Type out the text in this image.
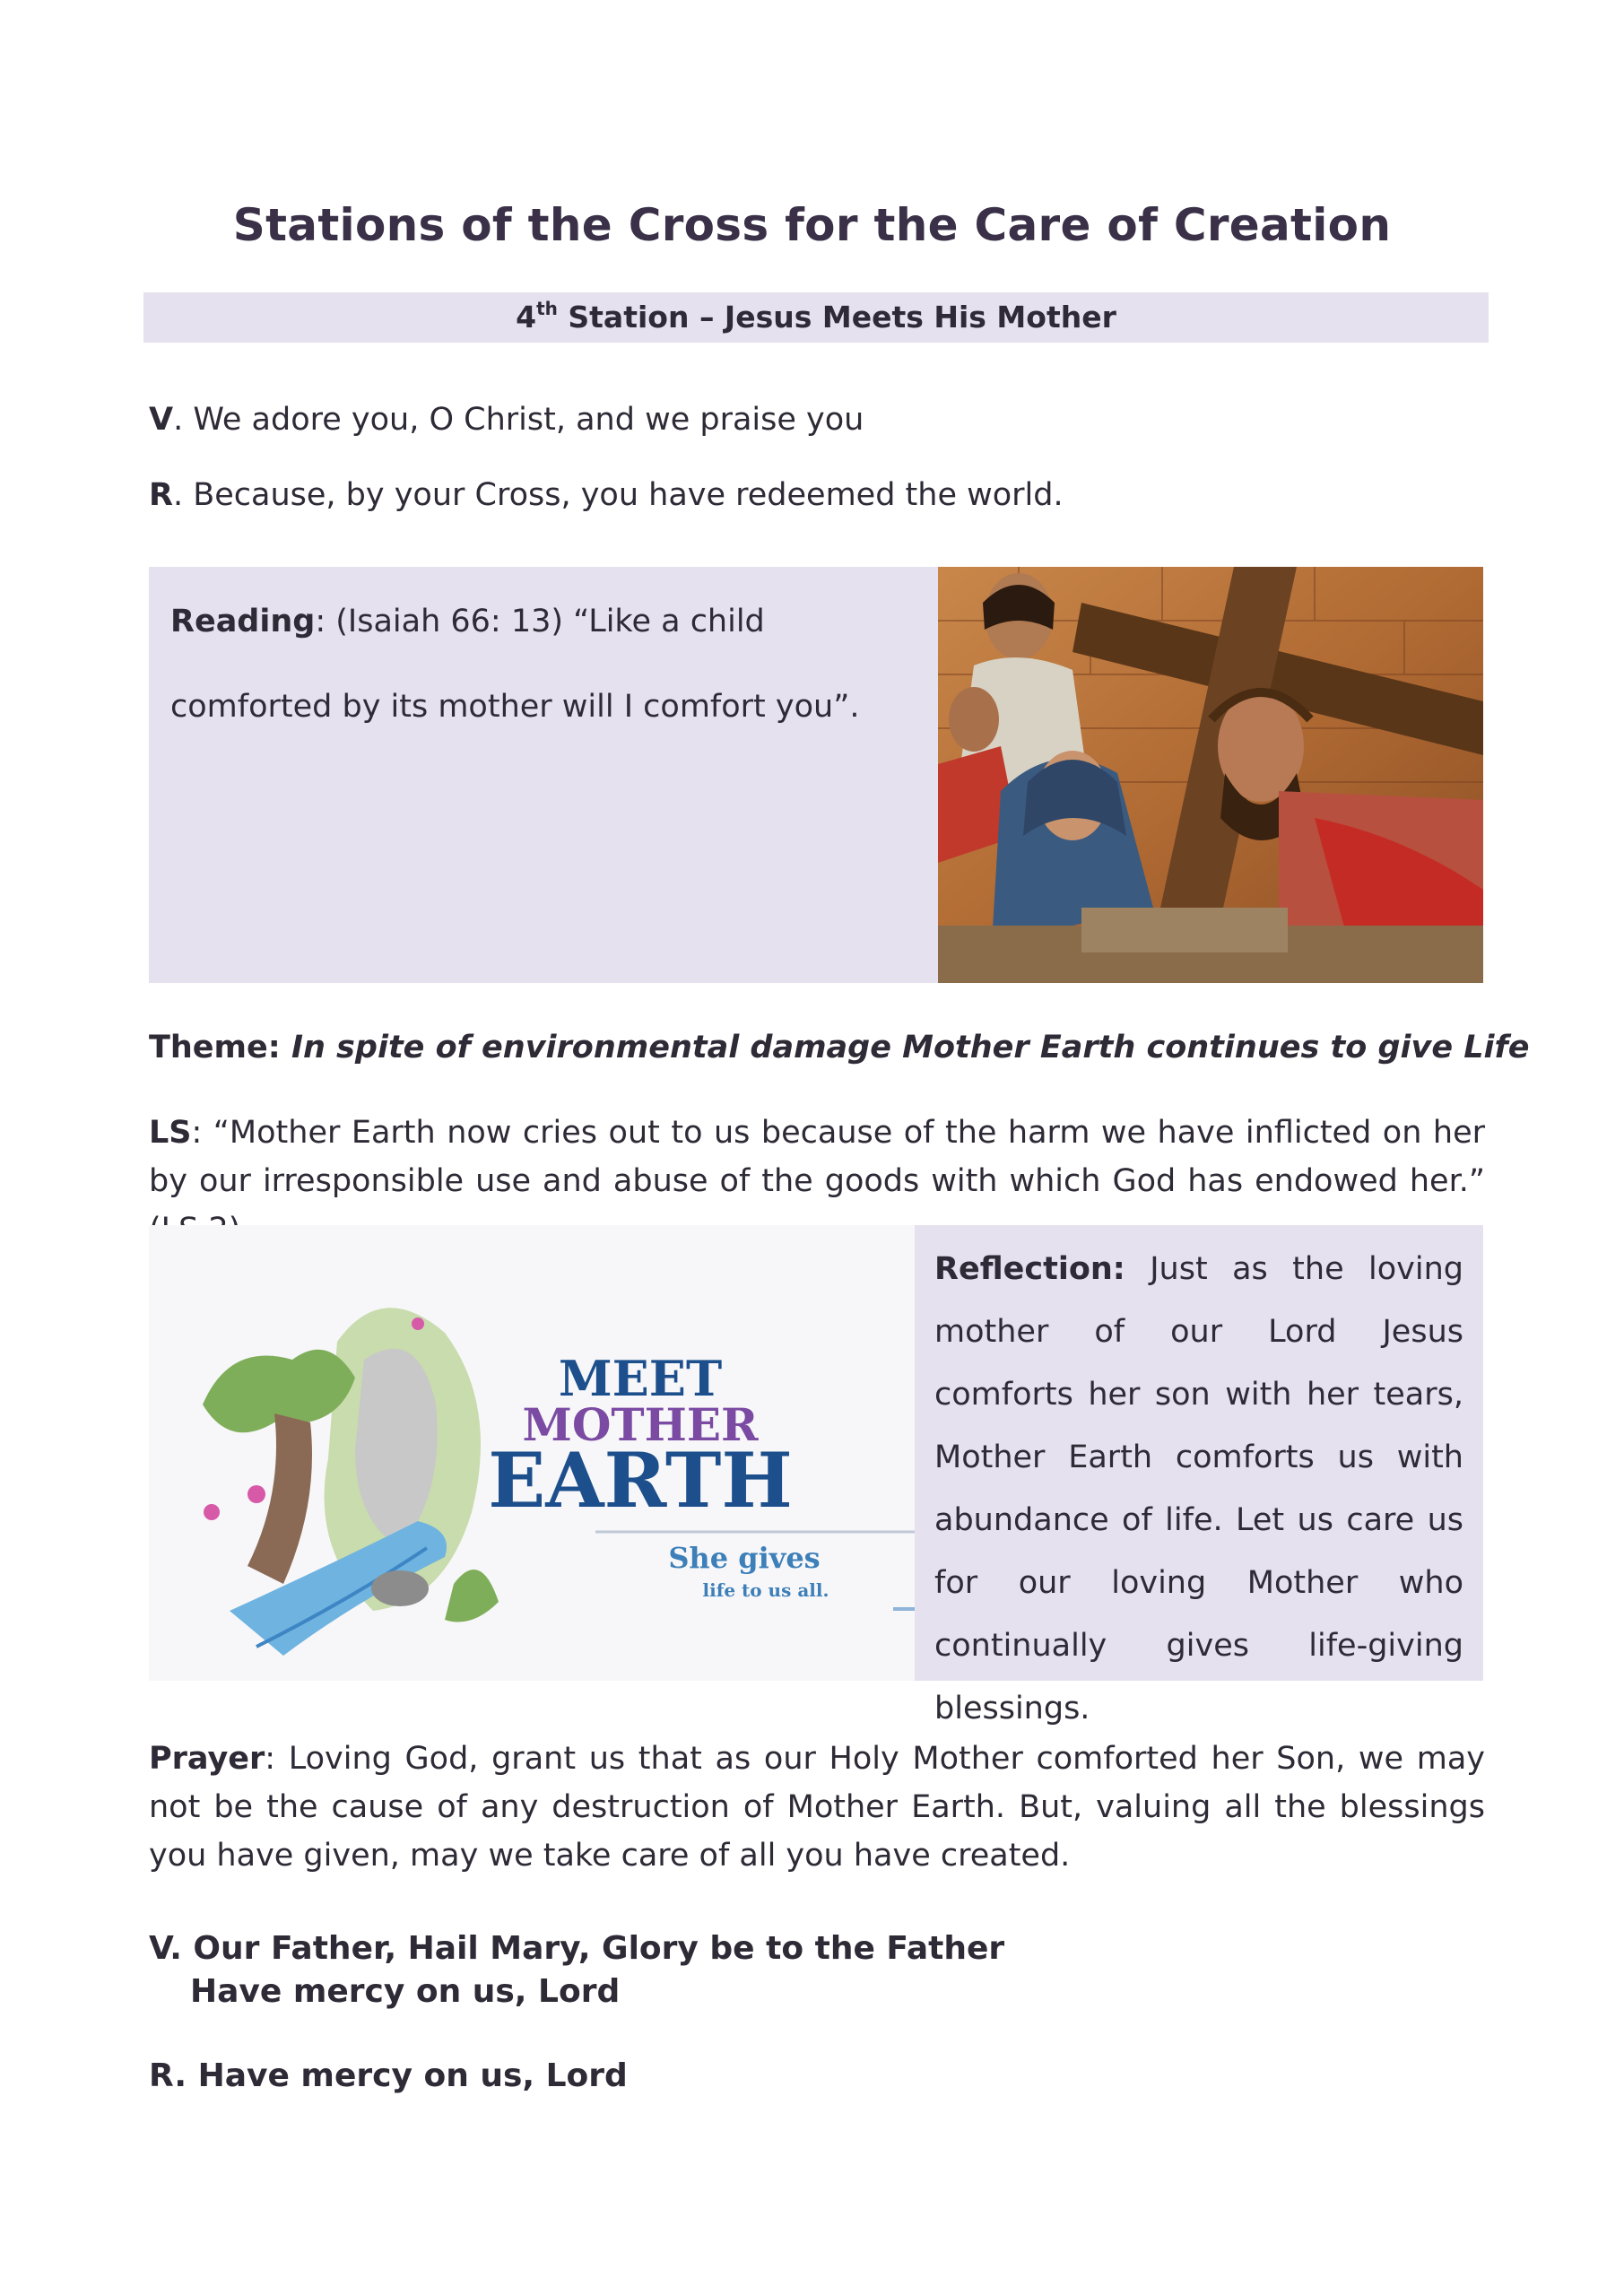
Stations of the Cross for the Care of Creation
4th Station – Jesus Meets His Mother
V. We adore you, O Christ, and we praise you
R. Because, by your Cross, you have redeemed the world.
Reading: (Isaiah 66: 13) “Like a child comforted by its mother will I comfort you”.
Theme: In spite of environmental damage Mother Earth continues to give Life
LS: “Mother Earth now cries out to us because of the harm we have inflicted on her by our irresponsible use and abuse of the goods with which God has endowed her.”
MEET
MOTHER
EARTH
She gives
life to us all.
Reflection: Just as the loving mother of our Lord Jesus comforts her son with her tears, Mother Earth comforts us with abundance of life. Let us care us for our loving Mother who continually gives life-giving blessings.
Prayer: Loving God, grant us that as our Holy Mother comforted her Son, we may not be the cause of any destruction of Mother Earth. But, valuing all the blessings you have given, may we take care of all you have created.
V. Our Father, Hail Mary, Glory be to the Father
Have mercy on us, Lord
R. Have mercy on us, Lord
